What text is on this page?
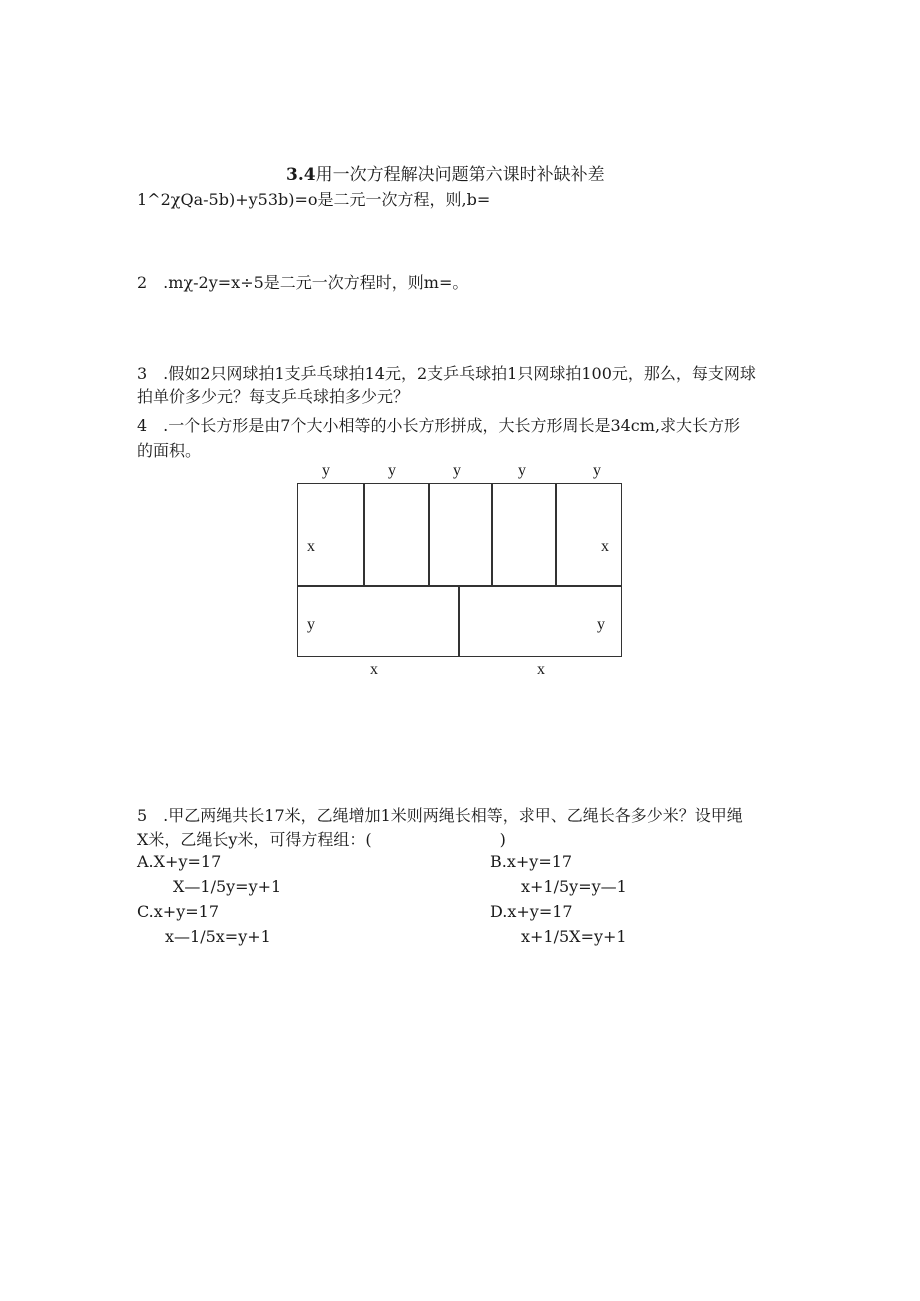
3.4用一次方程解决问题第六课时补缺补差
1^2χQa-5b)+y53b)=o是二元一次方程，则,b=
2　.mχ-2y=x÷5是二元一次方程时，则m=。
3　.假如2只网球拍1支乒乓球拍14元，2支乒乓球拍1只网球拍100元，那么，每支网球
拍单价多少元？每支乒乓球拍多少元？
4　.一个长方形是由7个大小相等的小长方形拼成，大长方形周长是34cm,求大长方形
的面积。
y	y	y	y	y
x	x
y	y
x	x
5　.甲乙两绳共长17米，乙绳增加1米则两绳长相等，求甲、乙绳长各多少米？设甲绳
X米，乙绳长y米，可得方程组：(　　　　　　　　)
A.X+y=17
X—1/5y=y+1
B.x+y=17
x+1/5y=y—1
C.x+y=17
x—1/5x=y+1
D.x+y=17
x+1/5X=y+1
